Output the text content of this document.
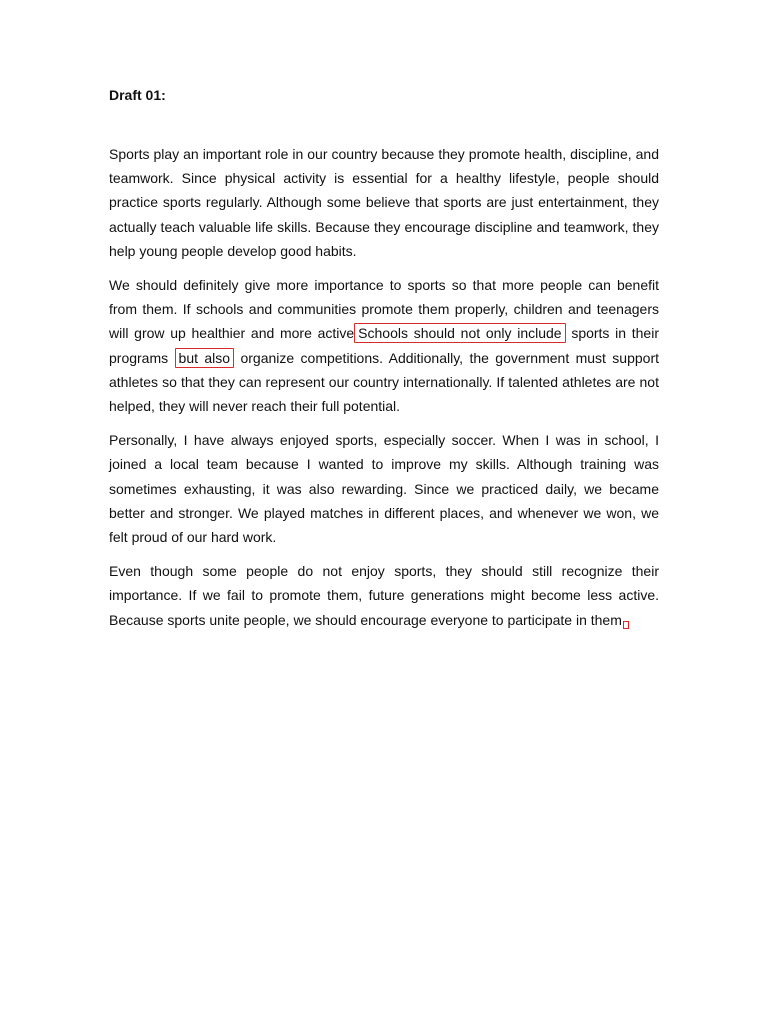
Draft 01:

Sports play an important role in our country because they promote health, discipline, and teamwork. Since physical activity is essential for a healthy lifestyle, people should practice sports regularly. Although some believe that sports are just entertainment, they actually teach valuable life skills. Because they encourage discipline and teamwork, they help young people develop good habits.

We should definitely give more importance to sports so that more people can benefit from them. If schools and communities promote them properly, children and teenagers will grow up healthier and more active Schools should not only include sports in their programs but also organize competitions. Additionally, the government must support athletes so that they can represent our country internationally. If talented athletes are not helped, they will never reach their full potential.

Personally, I have always enjoyed sports, especially soccer. When I was in school, I joined a local team because I wanted to improve my skills. Although training was sometimes exhausting, it was also rewarding. Since we practiced daily, we became better and stronger. We played matches in different places, and whenever we won, we felt proud of our hard work.

Even though some people do not enjoy sports, they should still recognize their importance. If we fail to promote them, future generations might become less active. Because sports unite people, we should encourage everyone to participate in them
